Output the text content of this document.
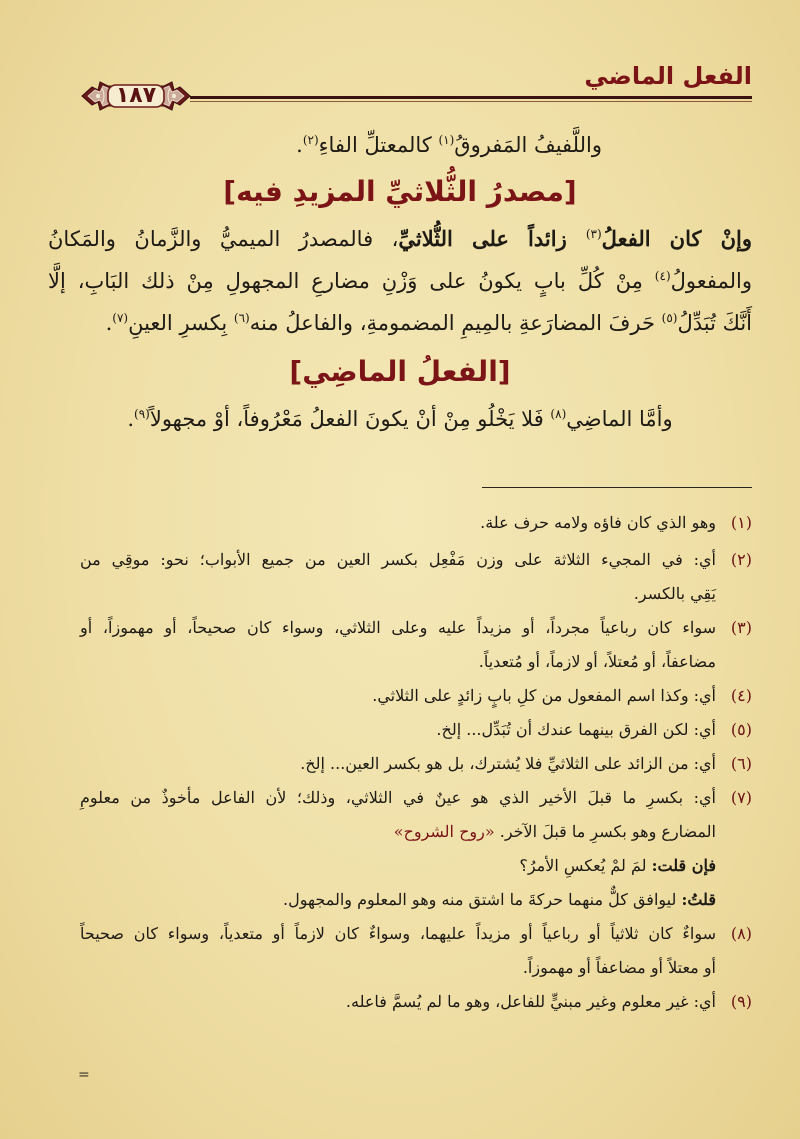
الفعل الماضي
١٨٧
واللَّفيفُ المَفروقُ$^{(١)}$ كالمعتلِّ الفاءِ$^{(٢)}$.
[مصدرُ الثُّلاثيِّ المزيدِ فيه]
وإنْ كان الفعلُ$^{(٣)}$ زائداً على الثُّلاثيِّ، فالمصدرُ الميميُّ والزَّمانُ والمَكانُ
والمفعولُ$^{(٤)}$ مِنْ كُلِّ بابٍ يكونُ على وَزْنِ مضارعِ المجهولِ مِنْ ذلك البَابِ، إلَّا
أَنَّكَ تُبَدِّلُ$^{(٥)}$ حَرفَ المضارَعةِ بالمِيمِ المضمومةِ، والفاعلُ منه$^{(٦)}$ بِكسرِ العينِ$^{(٧)}$.
[الفعلُ الماضِي]
وأمَّا الماضِي$^{(٨)}$ فَلا يَخْلُو مِنْ أنْ يكونَ الفعلُ مَعْرُوفاً، أوْ مجهولاً$^{(٩)}$.
(١)
وهو الذي كان فاؤه ولامه حرف علة.
(٢)
أي: في المجيء الثلاثة على وزن مَفْعِل بكسر العين من جميع الأبواب؛ نحو: موقِي من
يَقِي بالكسر.
(٣)
سواء كان رباعياً مجرداً، أو مزيداً عليه وعلى الثلاثي، وسواء كان صحيحاً، أو مهموزاً، أو
مضاعفاً، أو مُعتلاً، أو لازماً، أو مُتعدياً.
(٤)
أي: وكذا اسم المفعول من كلِ بابٍ زائدٍ على الثلاثي.
(٥)
أي: لكن الفرق بينهما عندك أن تُبَدِّل... إلخ.
(٦)
أي: من الزائد على الثلاثيِّ فلا يُشترك، بل هو بكسر العين... إلخ.
(٧)
أي: بكسرِ ما قبلَ الأخير الذي هو عينٌ في الثلاثي، وذلك؛ لأن الفاعل مأخوذٌ من معلومِ
المضارع وهو بكسرِ ما قبلَ الآخر. «روح الشروح»
فإن قلت: لمَ لمْ يُعكسِ الأمرُ؟
قلتُ: ليوافق كلٌّ منهما حركةَ ما اشتق منه وهو المعلوم والمجهول.
(٨)
سواءٌ كان ثلاثياً أو رباعياً أو مزيداً عليهما، وسواءٌ كان لازماً أو متعدياً، وسواء كان صحيحاً
أو معتلاً أو مضاعفاً أو مهموزاً.
(٩)
أي: غير معلوم وغير مبنيٍّ للفاعل، وهو ما لم يُسمَّ فاعله.
=
